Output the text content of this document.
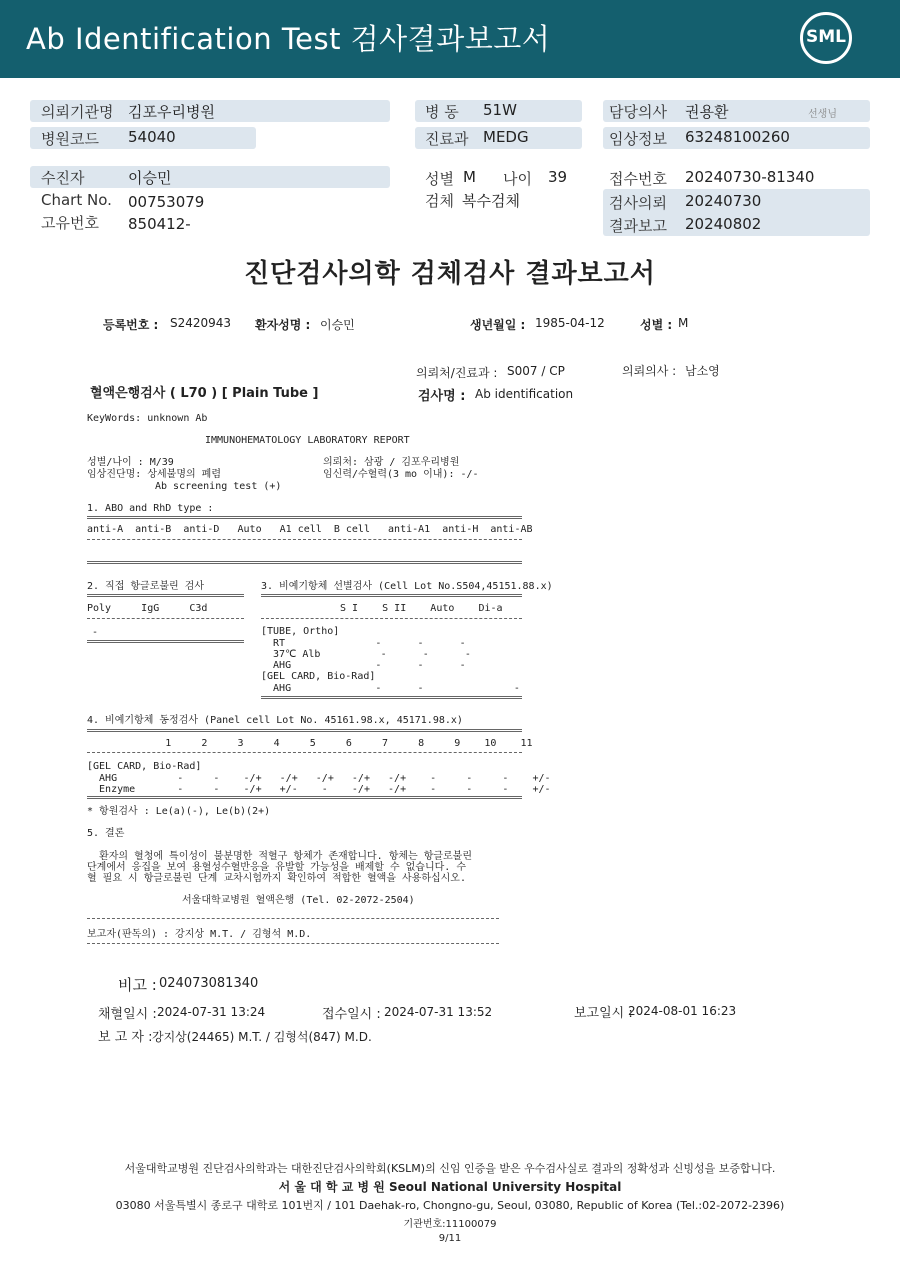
Ab Identification Test 검사결과보고서	SML
의뢰기관명 김포우리병원
병원코드 54040
수진자	이승민
Chart No. 00753079
고유번호 850412-
병 동 51W
진료과 MEDG
성별 M 나이 39
검체 복수검체
담당의사 권용환	선생님
임상정보 63248100260
접수번호 20240730-81340
검사의뢰 20240730
결과보고 20240802
진단검사의학 검체검사 결과보고서
등록번호 : S2420943 환자성명 : 이승민	생년월일 : 1985-04-12	성별 : M
의뢰처/진료과 : S007 / CP	의뢰의사 : 남소영
혈액은행검사 ( L70 ) [ Plain Tube ]	검사명 : Ab identification
KeyWords: unknown Ab
IMMUNOHEMATOLOGY LABORATORY REPORT
성별/나이 : M/39
임상진단명: 상세불명의 폐렴
Ab screening test (+)
의뢰처: 삼광 / 김포우리병원
임신력/수혈력(3 mo 이내): -/-
1. ABO and RhD type :
anti-A  anti-B  anti-D   Auto   A1 cell  B cell   anti-A1  anti-H  anti-AB
2. 직접 항글로불린 검사
Poly     IgG     C3d
-
3. 비예기항체 선별검사 (Cell Lot No.S504,45151.88.x)
S I    S II    Auto    Di-a
[TUBE, Ortho]
RT               -      -      -
37℃ Alb          -      -      -
AHG              -      -      -
[GEL CARD, Bio-Rad]
AHG              -      -               -
4. 비예기항체 동정검사 (Panel cell Lot No. 45161.98.x, 45171.98.x)
1     2     3     4     5     6     7     8     9    10    11
[GEL CARD, Bio-Rad]
AHG          -     -    -/+   -/+   -/+   -/+   -/+    -     -     -    +/-
Enzyme       -     -    -/+   +/-    -    -/+   -/+    -     -     -    +/-
* 항원검사 : Le(a)(-), Le(b)(2+)
5. 결론
환자의 혈청에 특이성이 불분명한 적혈구 항체가 존재합니다. 항체는 항글로불린
단계에서 응집을 보여 용혈성수혈반응을 유발할 가능성을 배제할 수 없습니다. 수
혈 필요 시 항글로불린 단계 교차시험까지 확인하여 적합한 혈액을 사용하십시오.
서울대학교병원 혈액은행 (Tel. 02-2072-2504)
보고자(판독의) : 강지상 M.T. / 김형석 M.D.
비고 : 024073081340
채혈일시 : 2024-07-31 13:24	접수일시 : 2024-07-31 13:52	보고일시 :
2024-08-01 16:23
보 고 자 : 강지상(24465) M.T. / 김형석(847) M.D.
서울대학교병원 진단검사의학과는 대한진단검사의학회(KSLM)의 신임 인증을 받은 우수검사실로 결과의 정확성과 신빙성을 보증합니다.
서 울 대 학 교 병 원 Seoul National University Hospital
03080 서울특별시 종로구 대학로 101번지 / 101 Daehak-ro, Chongno-gu, Seoul, 03080, Republic of Korea (Tel.:02-2072-2396)
기관번호:11100079
9/11
